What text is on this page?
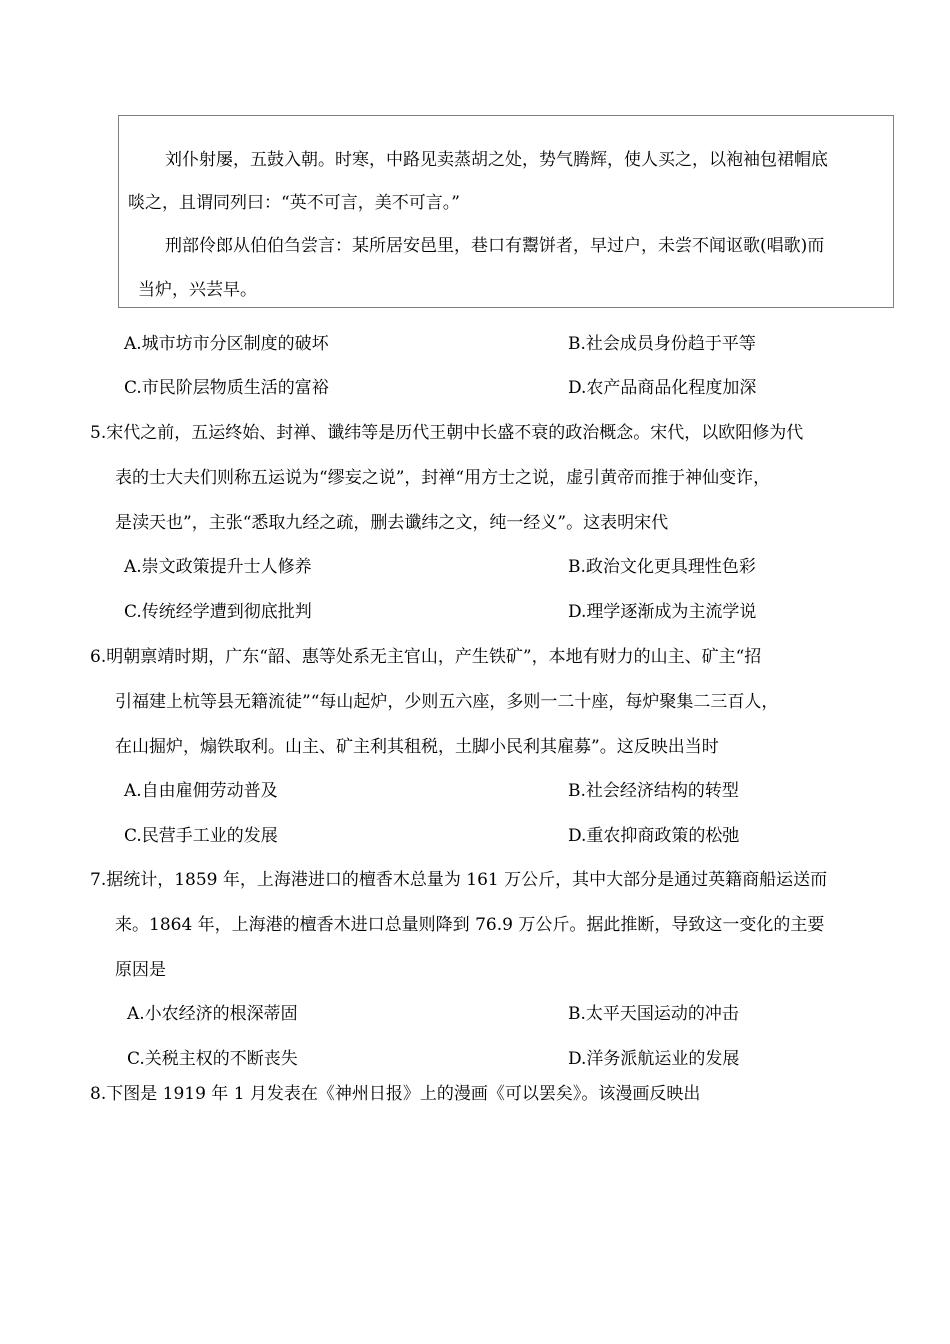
刘仆射屡，五鼓入朝。时寒，中路见卖蒸胡之处，势气腾辉，使人买之，以袍袖包裙帽底
啖之，且谓同列曰：“英不可言，美不可言。”
刑部伶郎从伯伯刍尝言：某所居安邑里，巷口有鬻饼者，早过户，未尝不闻讴歌(唱歌)而
当炉，兴芸早。
A.城市坊市分区制度的破坏	B.社会成员身份趋于平等
C.市民阶层物质生活的富裕	D.农产品商品化程度加深
5.宋代之前，五运终始、封禅、谶纬等是历代王朝中长盛不衰的政治概念。宋代，以欧阳修为代
表的士大夫们则称五运说为“缪妄之说”，封禅“用方士之说，虚引黄帝而推于神仙变诈，
是渎天也”，主张“悉取九经之疏，删去谶纬之文，纯一经义”。这表明宋代
A.崇文政策提升士人修养	B.政治文化更具理性色彩
C.传统经学遭到彻底批判	D.理学逐渐成为主流学说
6.明朝禀靖时期，广东“韶、惠等处系无主官山，产生铁矿”，本地有财力的山主、矿主“招
引福建上杭等县无籍流徒”“每山起炉，少则五六座，多则一二十座，每炉聚集二三百人，
在山掘炉，煽铁取利。山主、矿主利其租税，土脚小民利其雇募”。这反映出当时
A.自由雇佣劳动普及	B.社会经济结构的转型
C.民营手工业的发展	D.重农抑商政策的松弛
7.据统计，1859 年，上海港进口的檀香木总量为 161 万公斤，其中大部分是通过英籍商船运送而
来。1864 年，上海港的檀香木进口总量则降到 76.9 万公斤。据此推断，导致这一变化的主要
原因是
A.小农经济的根深蒂固	B.太平天国运动的冲击
C.关税主权的不断丧失	D.洋务派航运业的发展
8.下图是 1919 年 1 月发表在《神州日报》上的漫画《可以罢矣》。该漫画反映出
